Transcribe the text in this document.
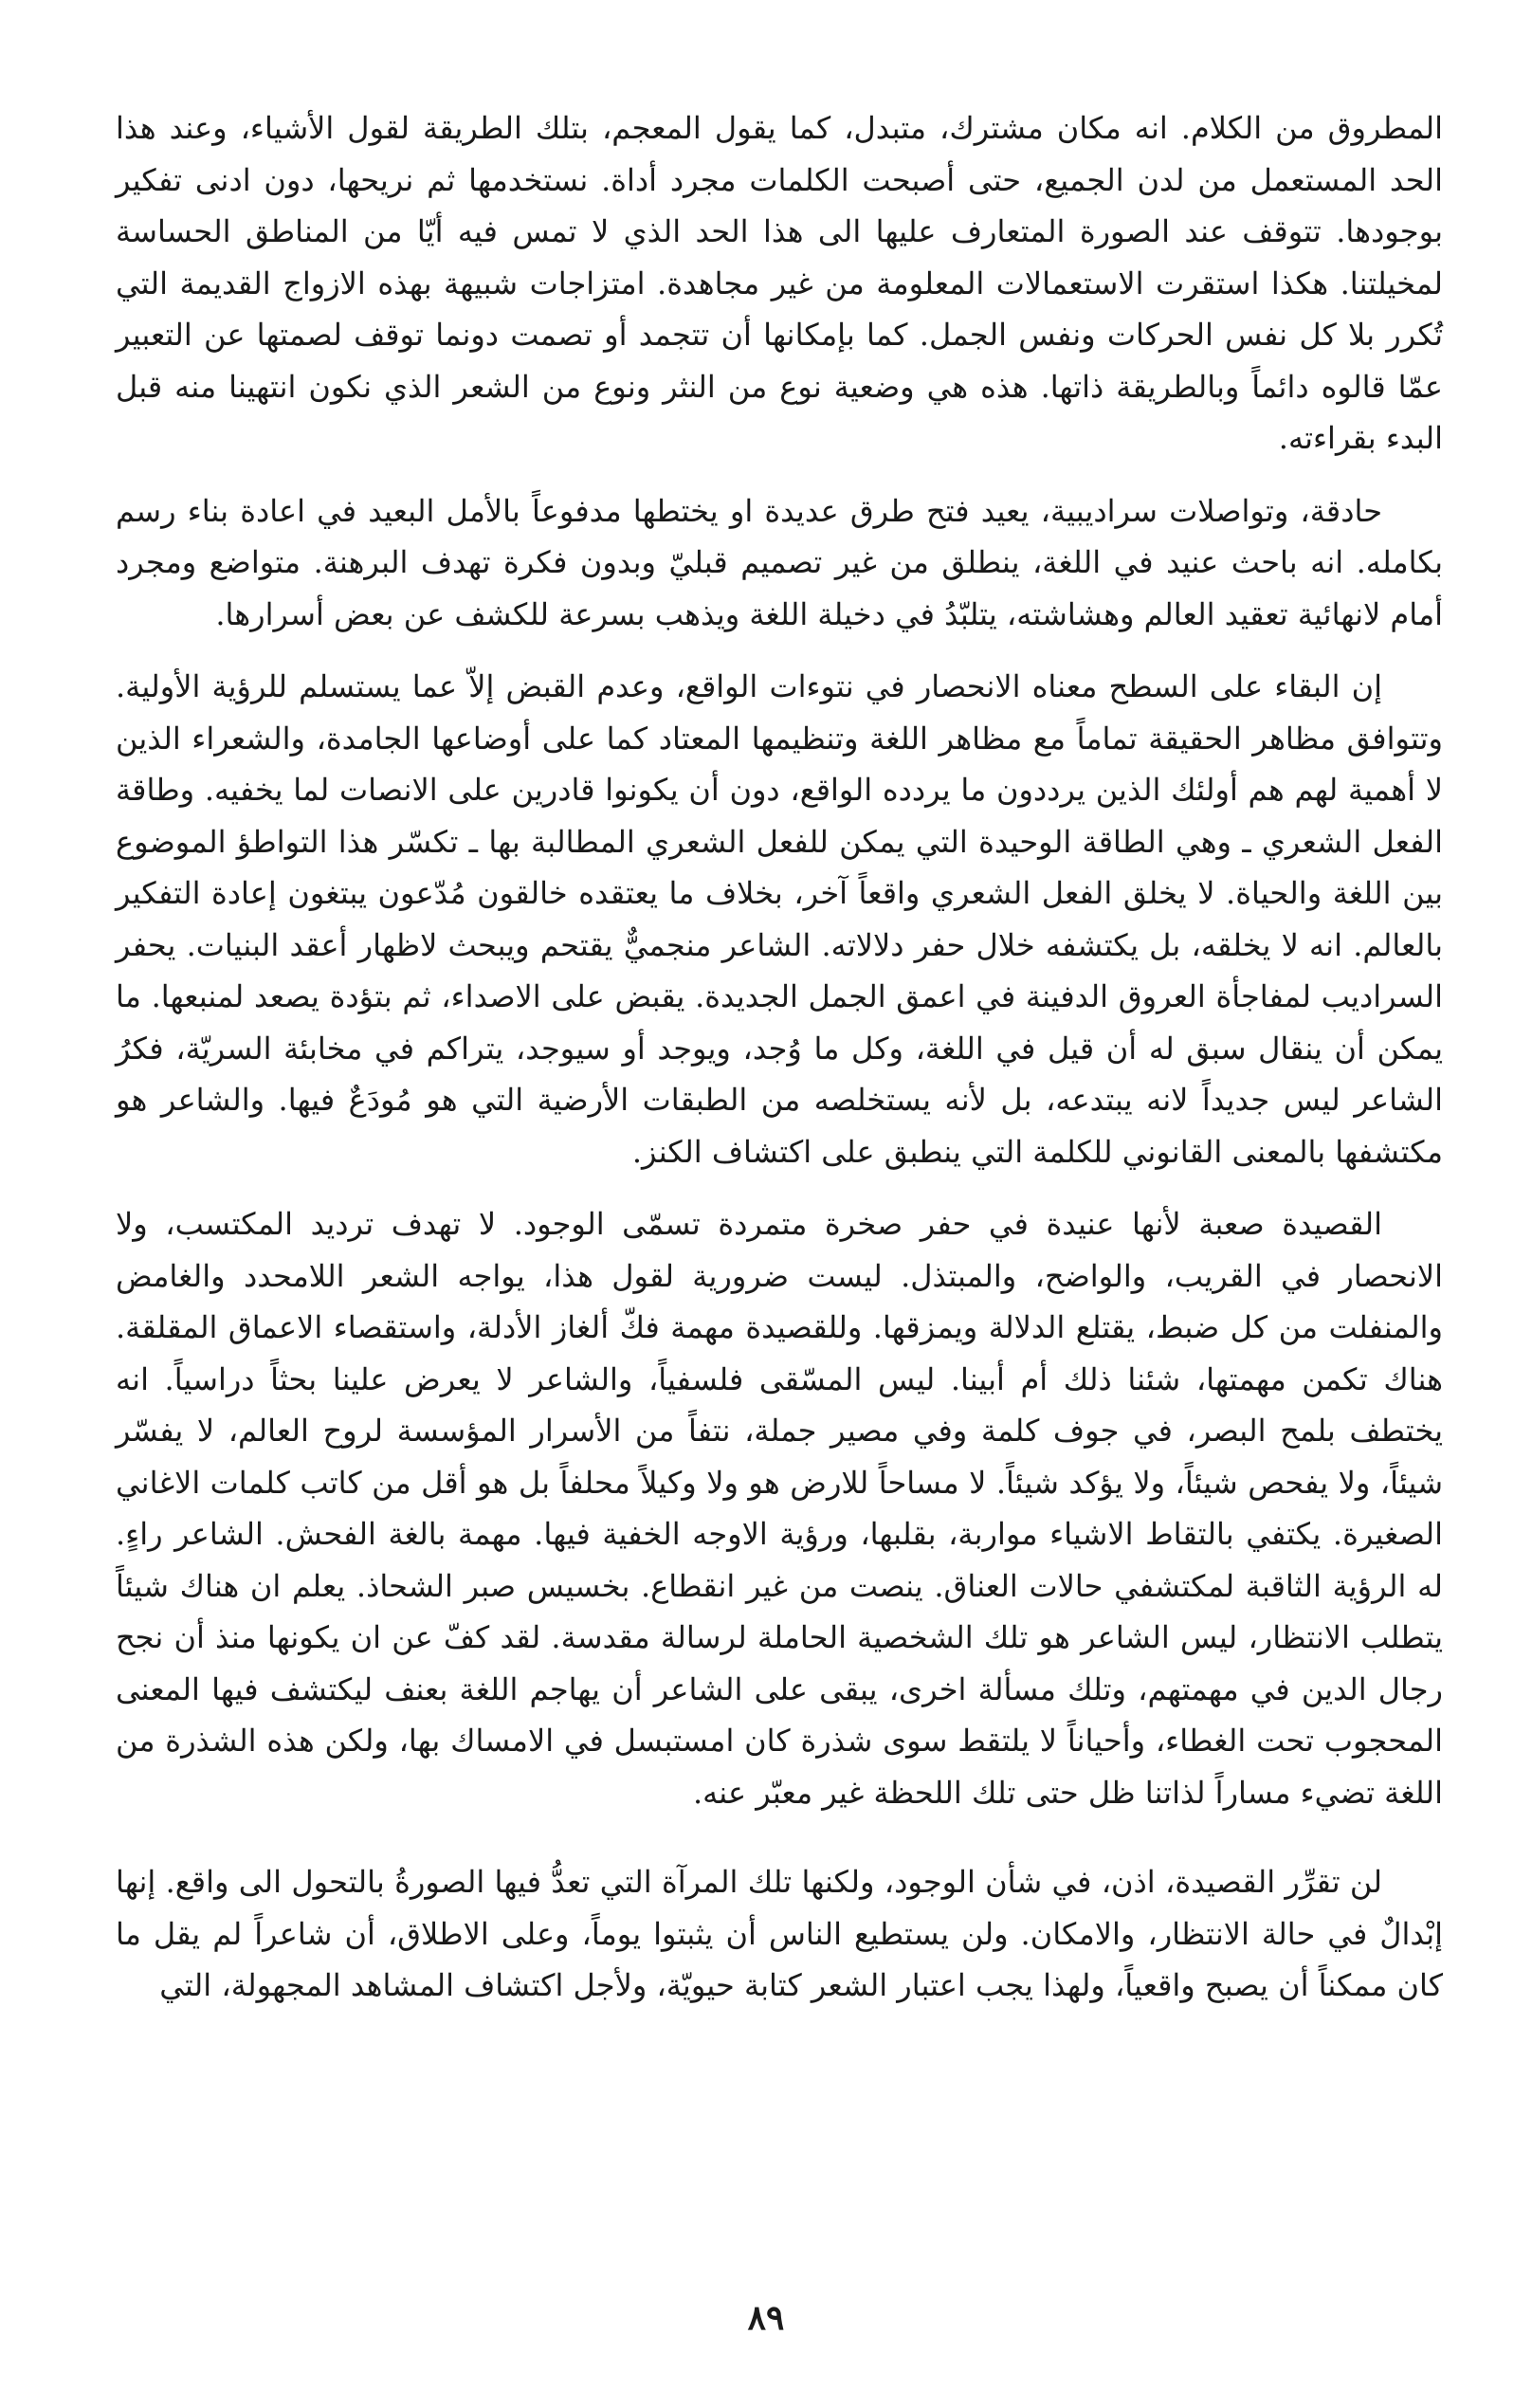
المطروق من الكلام. انه مكان مشترك، متبدل، كما يقول المعجم، بتلك الطريقة لقول الأشياء، وعند هذا الحد المستعمل من لدن الجميع، حتى أصبحت الكلمات مجرد أداة. نستخدمها ثم نريحها، دون ادنى تفكير بوجودها. تتوقف عند الصورة المتعارف عليها الى هذا الحد الذي لا تمس فيه أيّا من المناطق الحساسة لمخيلتنا. هكذا استقرت الاستعمالات المعلومة من غير مجاهدة. امتزاجات شبيهة بهذه الازواج القديمة التي تُكرر بلا كل نفس الحركات ونفس الجمل. كما بإمكانها أن تتجمد أو تصمت دونما توقف لصمتها عن التعبير عمّا قالوه دائماً وبالطريقة ذاتها. هذه هي وضعية نوع من النثر ونوع من الشعر الذي نكون انتهينا منه قبل البدء بقراءته.

حادقة، وتواصلات سراديبية، يعيد فتح طرق عديدة او يختطها مدفوعاً بالأمل البعيد في اعادة بناء رسم بكامله. انه باحث عنيد في اللغة، ينطلق من غير تصميم قبليّ وبدون فكرة تهدف البرهنة. متواضع ومجرد أمام لانهائية تعقيد العالم وهشاشته، يتلبّدُ في دخيلة اللغة ويذهب بسرعة للكشف عن بعض أسرارها.

إن البقاء على السطح معناه الانحصار في نتوءات الواقع، وعدم القبض إلاّ عما يستسلم للرؤية الأولية. وتتوافق مظاهر الحقيقة تماماً مع مظاهر اللغة وتنظيمها المعتاد كما على أوضاعها الجامدة، والشعراء الذين لا أهمية لهم هم أولئك الذين يرددون ما يردده الواقع، دون أن يكونوا قادرين على الانصات لما يخفيه. وطاقة الفعل الشعري ـ وهي الطاقة الوحيدة التي يمكن للفعل الشعري المطالبة بها ـ تكسّر هذا التواطؤ الموضوع بين اللغة والحياة. لا يخلق الفعل الشعري واقعاً آخر، بخلاف ما يعتقده خالقون مُدّعون يبتغون إعادة التفكير بالعالم. انه لا يخلقه، بل يكتشفه خلال حفر دلالاته. الشاعر منجميٌّ يقتحم ويبحث لاظهار أعقد البنيات. يحفر السراديب لمفاجأة العروق الدفينة في اعمق الجمل الجديدة. يقبض على الاصداء، ثم بتؤدة يصعد لمنبعها. ما يمكن أن ينقال سبق له أن قيل في اللغة، وكل ما وُجد، ويوجد أو سيوجد، يتراكم في مخابئة السريّة، فكرُ الشاعر ليس جديداً لانه يبتدعه، بل لأنه يستخلصه من الطبقات الأرضية التي هو مُودَعٌ فيها. والشاعر هو مكتشفها بالمعنى القانوني للكلمة التي ينطبق على اكتشاف الكنز.

القصيدة صعبة لأنها عنيدة في حفر صخرة متمردة تسمّى الوجود. لا تهدف ترديد المكتسب، ولا الانحصار في القريب، والواضح، والمبتذل. ليست ضرورية لقول هذا، يواجه الشعر اللامحدد والغامض والمنفلت من كل ضبط، يقتلع الدلالة ويمزقها. وللقصيدة مهمة فكّ ألغاز الأدلة، واستقصاء الاعماق المقلقة. هناك تكمن مهمتها، شئنا ذلك أم أبينا. ليس المسّقى فلسفياً، والشاعر لا يعرض علينا بحثاً دراسياً. انه يختطف بلمح البصر، في جوف كلمة وفي مصير جملة، نتفاً من الأسرار المؤسسة لروح العالم، لا يفسّر شيئاً، ولا يفحص شيئاً، ولا يؤكد شيئاً. لا مساحاً للارض هو ولا وكيلاً محلفاً بل هو أقل من كاتب كلمات الاغاني الصغيرة. يكتفي بالتقاط الاشياء مواربة، بقلبها، ورؤية الاوجه الخفية فيها. مهمة بالغة الفحش. الشاعر راءٍ. له الرؤية الثاقبة لمكتشفي حالات العناق. ينصت من غير انقطاع. بخسيس صبر الشحاذ. يعلم ان هناك شيئاً يتطلب الانتظار، ليس الشاعر هو تلك الشخصية الحاملة لرسالة مقدسة. لقد كفّ عن ان يكونها منذ أن نجح رجال الدين في مهمتهم، وتلك مسألة اخرى، يبقى على الشاعر أن يهاجم اللغة بعنف ليكتشف فيها المعنى المحجوب تحت الغطاء، وأحياناً لا يلتقط سوى شذرة كان امستبسل في الامساك بها، ولكن هذه الشذرة من اللغة تضيء مساراً لذاتنا ظل حتى تلك اللحظة غير معبّر عنه.

لن تقرِّر القصيدة، اذن، في شأن الوجود، ولكنها تلك المرآة التي تعدُّ فيها الصورةُ بالتحول الى واقع. إنها إبْدالٌ في حالة الانتظار، والامكان. ولن يستطيع الناس أن يثبتوا يوماً، وعلى الاطلاق، أن شاعراً لم يقل ما كان ممكناً أن يصبح واقعياً، ولهذا يجب اعتبار الشعر كتابة حيويّة، ولأجل اكتشاف المشاهد المجهولة، التي

٨٩
